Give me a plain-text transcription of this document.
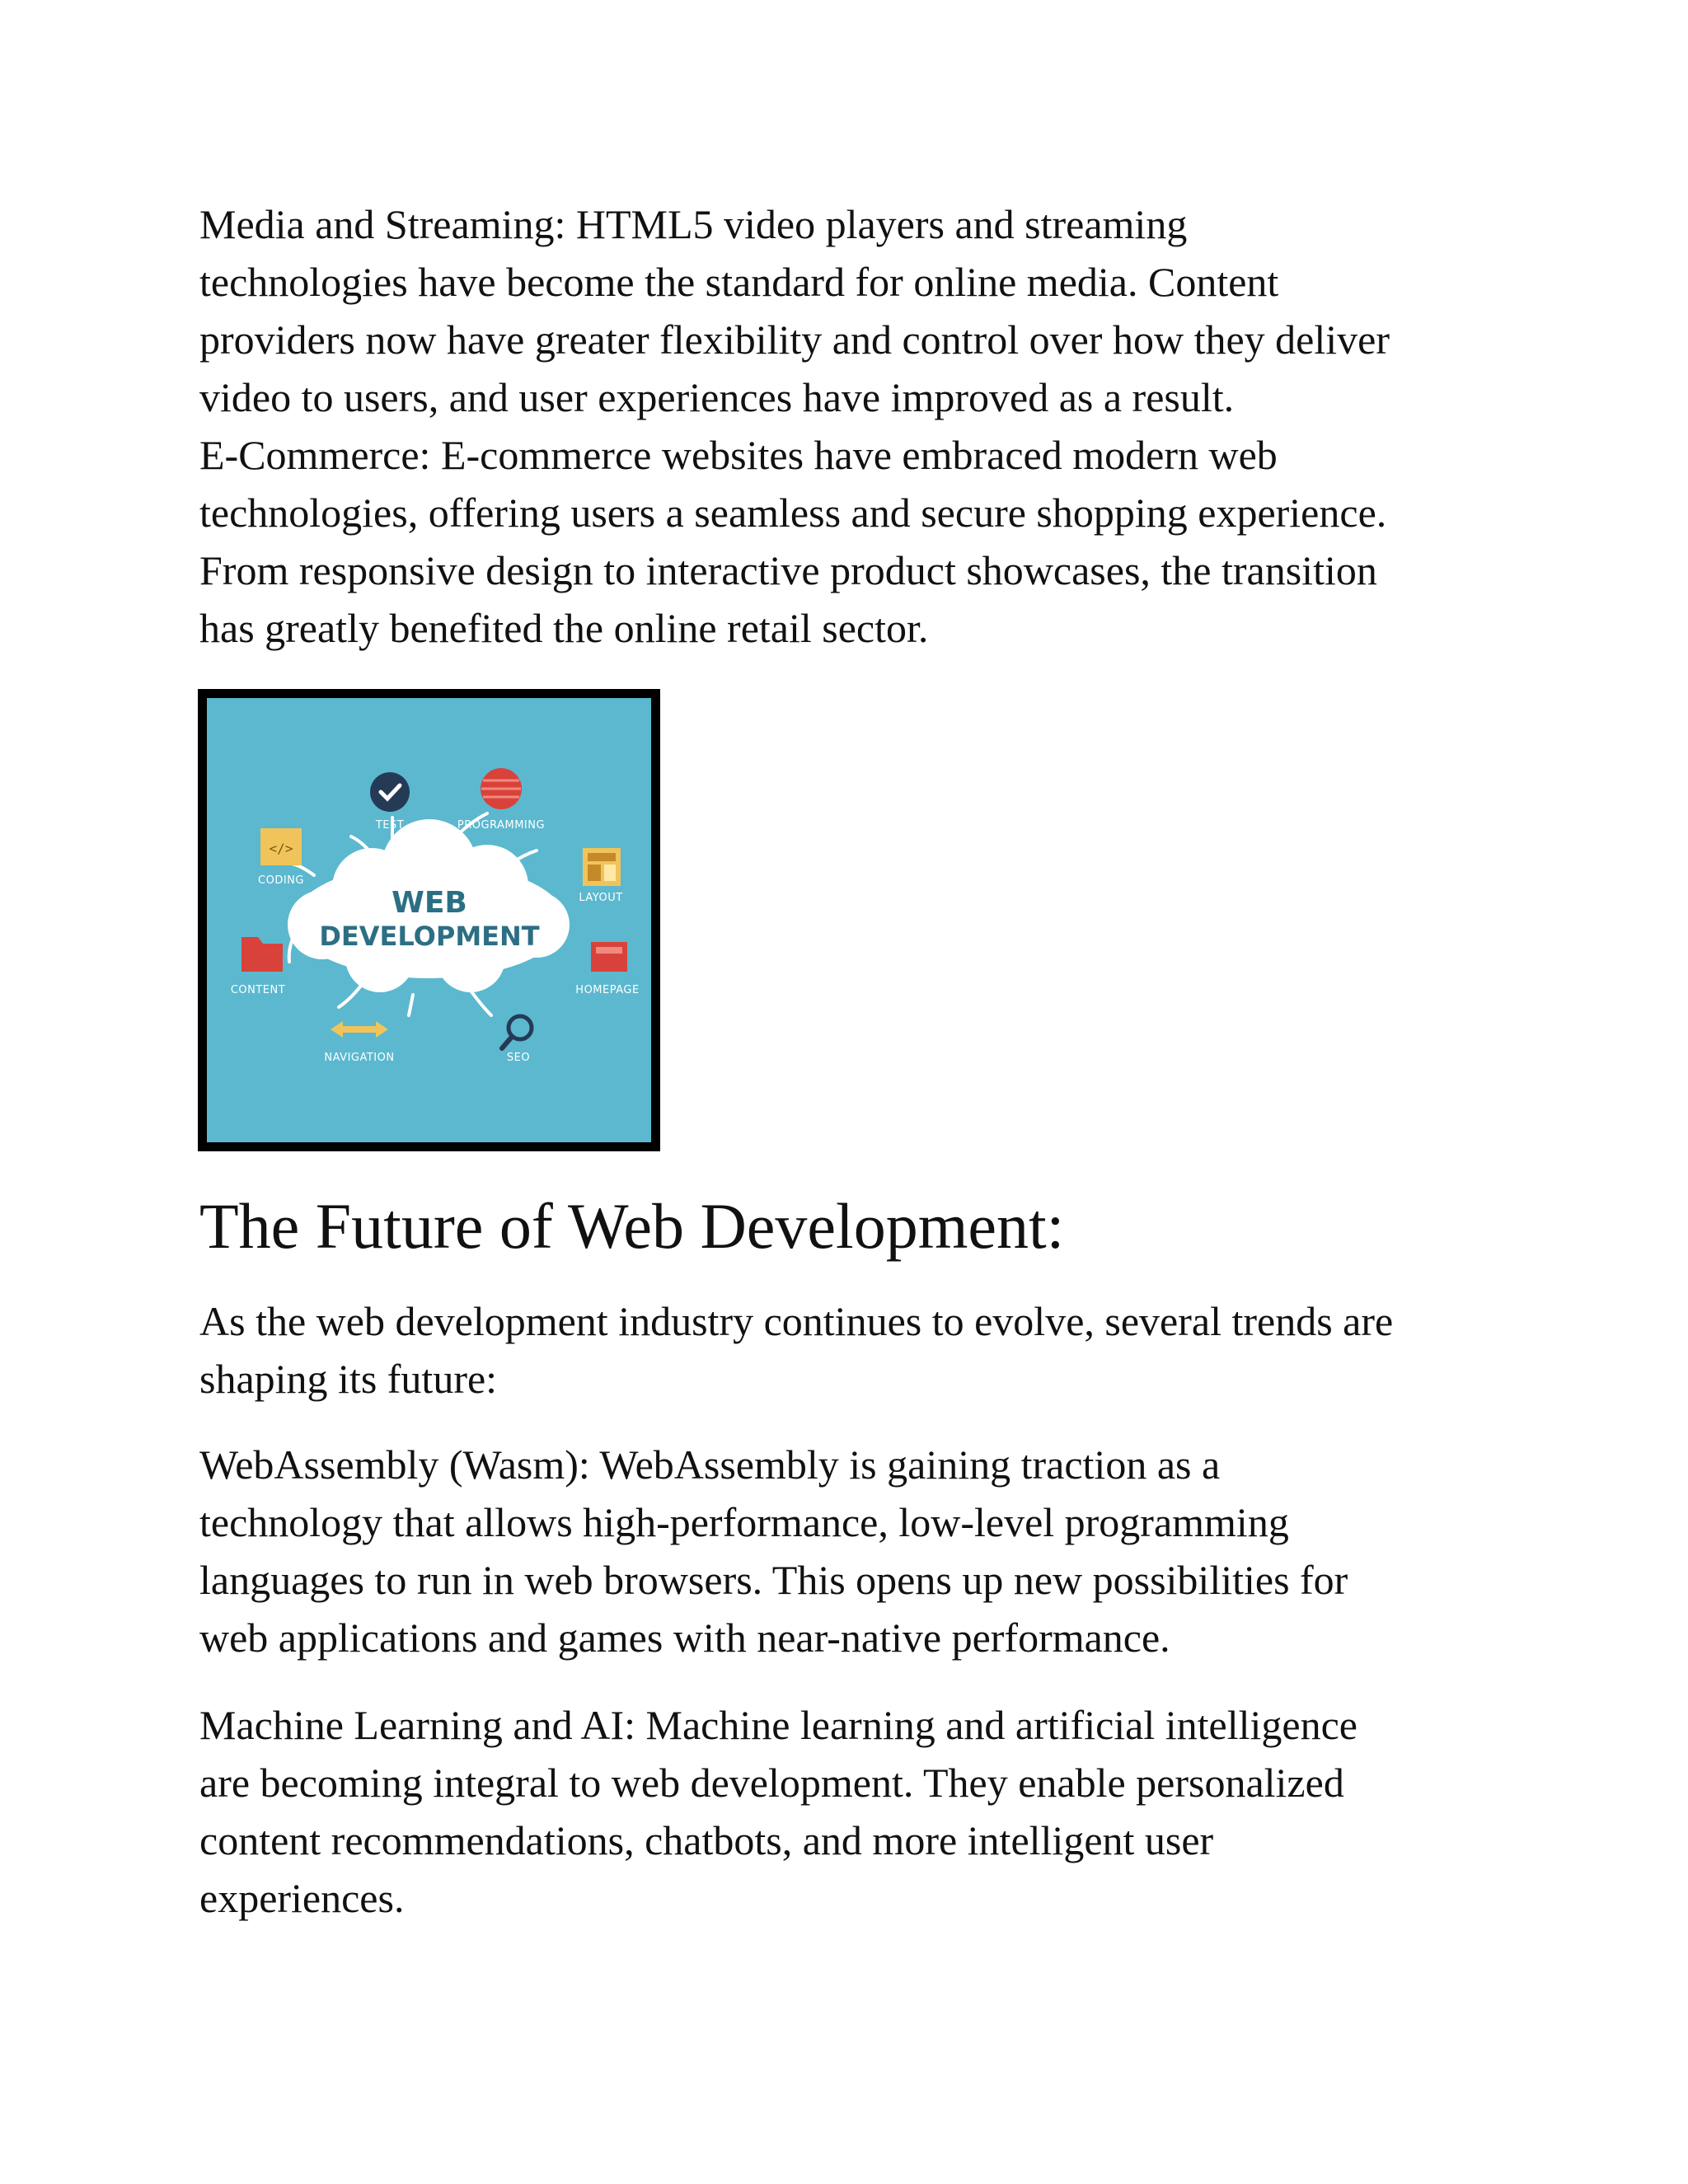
Media and Streaming: HTML5 video players and streaming
technologies have become the standard for online media. Content
providers now have greater flexibility and control over how they deliver
video to users, and user experiences have improved as a result.
E-Commerce: E-commerce websites have embraced modern web
technologies, offering users a seamless and secure shopping experience.
From responsive design to interactive product showcases, the transition
has greatly benefited the online retail sector.

WEB
DEVELOPMENT
TEST	PROGRAMMING
</>
CODING
LAYOUT
CONTENT	HOMEPAGE
NAVIGATION	SEO
The Future of Web Development:

As the web development industry continues to evolve, several trends are
shaping its future:

WebAssembly (Wasm): WebAssembly is gaining traction as a
technology that allows high-performance, low-level programming
languages to run in web browsers. This opens up new possibilities for
web applications and games with near-native performance.

Machine Learning and AI: Machine learning and artificial intelligence
are becoming integral to web development. They enable personalized
content recommendations, chatbots, and more intelligent user
experiences.
